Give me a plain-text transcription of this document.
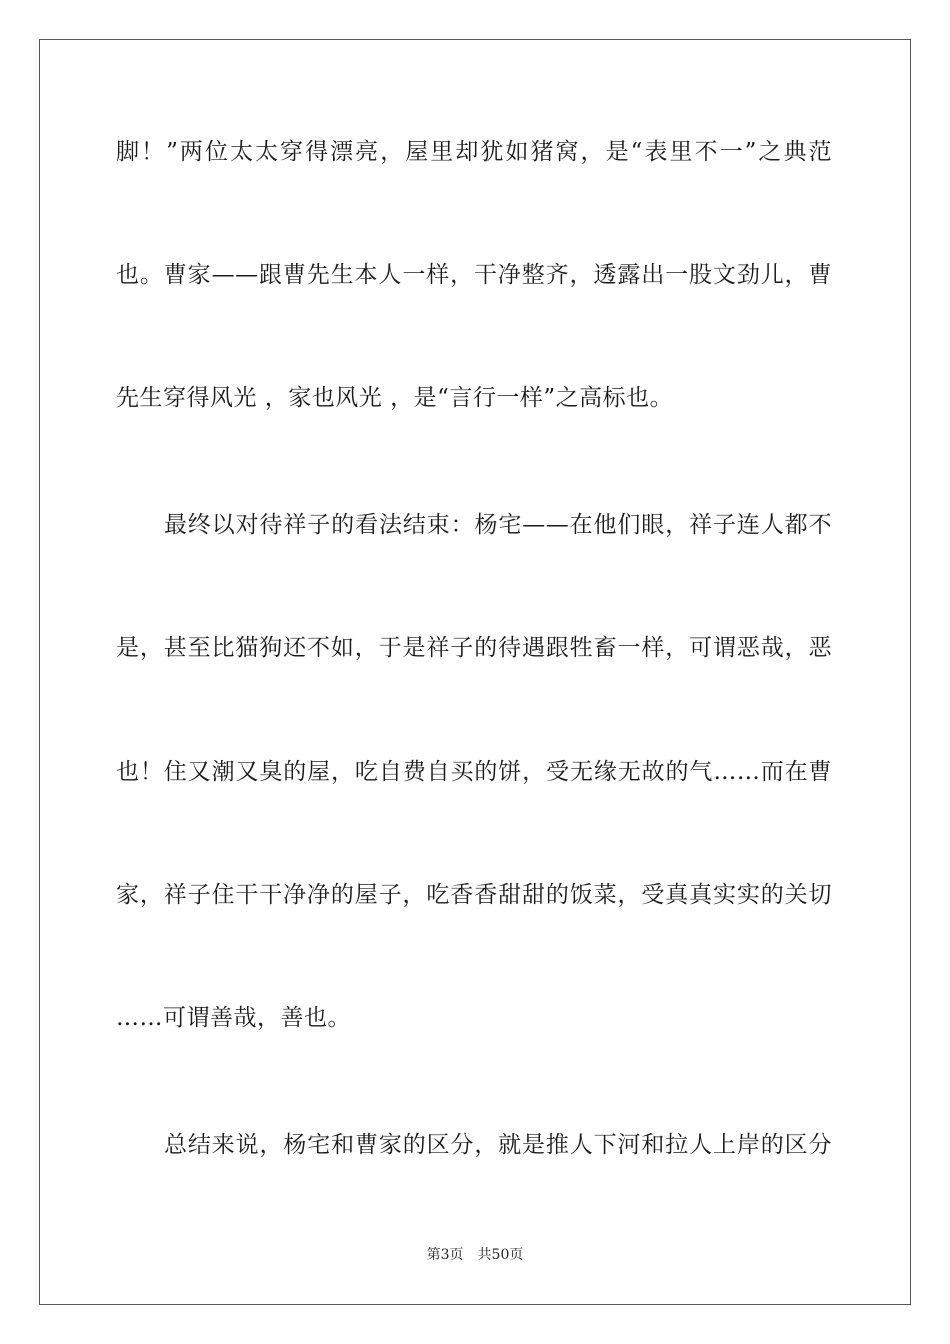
脚！”两位太太穿得漂亮，屋里却犹如猪窝，是“表里不一”之典范
也。曹家——跟曹先生本人一样，干净整齐，透露出一股文劲儿，曹
先生穿得风光 ，家也风光 ，是“言行一样”之高标也。
最终以对待祥子的看法结束：杨宅——在他们眼，祥子连人都不
是，甚至比猫狗还不如，于是祥子的待遇跟牲畜一样，可谓恶哉，恶
也！住又潮又臭的屋，吃自费自买的饼，受无缘无故的气……而在曹
家，祥子住干干净净的屋子，吃香香甜甜的饭菜，受真真实实的关切
……可谓善哉，善也。
总结来说，杨宅和曹家的区分，就是推人下河和拉人上岸的区分
第3页　共50页
